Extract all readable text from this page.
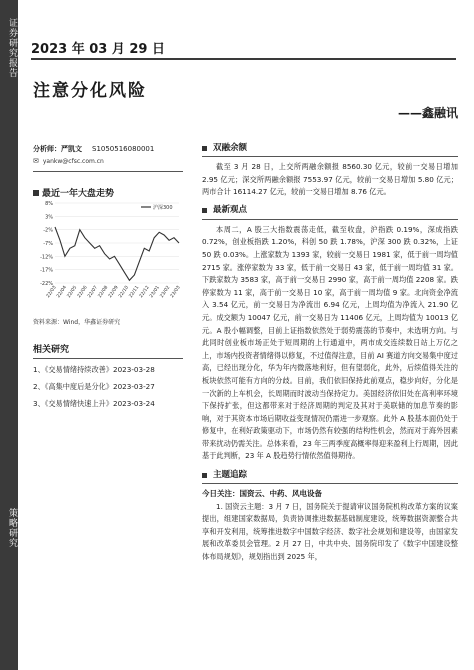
证券研究报告
策略研究
2023 年 03 月 29 日
注意分化风险
——鑫融讯
分析师：严凯文 S1050516080001
✉ yankw@cfsc.com.cn
最近一年大盘走势
8%
3%
-2%
-7%
-12%
-17%
-22%
22/03
22/04
22/05
22/06
22/07
22/08
22/09
22/10
22/11
22/12
23/01
23/02
23/03
沪深300
资料来源：Wind，华鑫证券研究
相关研究
1、《交易情绪持续改善》2023-03-28
2、《高集中度后是分化》2023-03-27
3、《交易情绪快速上升》2023-03-24
双融余额
截至 3 月 28 日，上交所两融余额报 8560.30 亿元，较前一交易日增加 2.95 亿元；深交所两融余额报 7553.97 亿元，较前一交易日增加 5.80 亿元；两市合计 16114.27 亿元，较前一交易日增加 8.76 亿元。
最新观点
本周二，A 股三大指数震荡走低，截至收盘，沪指跌 0.19%，深成指跌 0.72%，创业板指跌 1.20%，科创 50 跌 1.78%，沪深 300 跌 0.32%，上证 50 跌 0.03%。上涨家数为 1393 家，较前一交易日 1981 家，低于前一周均值 2715 家。涨停家数为 33 家，低于前一交易日 43 家，低于前一周均值 31 家。下跌家数为 3583 家，高于前一交易日 2990 家，高于前一周均值 2208 家。跌停家数为 11 家，高于前一交易日 10 家，高于前一周均值 9 家。北向资金净流入 3.54 亿元，前一交易日为净流出 6.94 亿元，上周均值为净流入 21.90 亿元。成交额为 10047 亿元，前一交易日为 11406 亿元，上周均值为 10013 亿元。A 股小幅调整，目前上证指数依然处于弱势震荡的节奏中，未选明方向。与此同时创业板市场正处于短周期的上行通道中，两市成交连续数日站上万亿之上，市场内投资者情绪得以修复，不过值得注意，目前 AI 赛道方向交易集中度过高，已经出现分化，华为年内微落地利好，但有望弱化，此外，后续值得关注的板块依然可能有方向的分歧。目前，我们依旧保持此前观点，稳步向好，分化是一次新的上车机会，长周期而时波动当保持定力。美国经济依旧处在高利率环境下保持扩张，但这都带来对于经济周期的判定及其对于美联储的加息节奏的影响，对于其资本市场后期收益变现情况仍需进一步观察。此外 A 股基本面仍处于修复中，在利好政策驱动下，市场仍然有较强的结构性机会，然而对于海外因素带来扰动仍需关注。总体来看，23 年三两季度高概率得迎来盈利上行周期，因此基于此判断，23 年 A 股趋势行情依然值得期待。
主题追踪
今日关注：国资云、中药、风电设备
1. 国资云主题：3 月 7 日，国务院关于提请审议国务院机构改革方案的议案提出，组建国家数据局，负责协调推进数据基础制度建设，统筹数据资源整合共享和开发利用，统筹推进数字中国数字经济、数字社会规划和建设等，由国家发展和改革委员会管理。2 月 27 日，中共中央、国务院印发了《数字中国建设整体布局规划》，规划指出到 2025 年，
